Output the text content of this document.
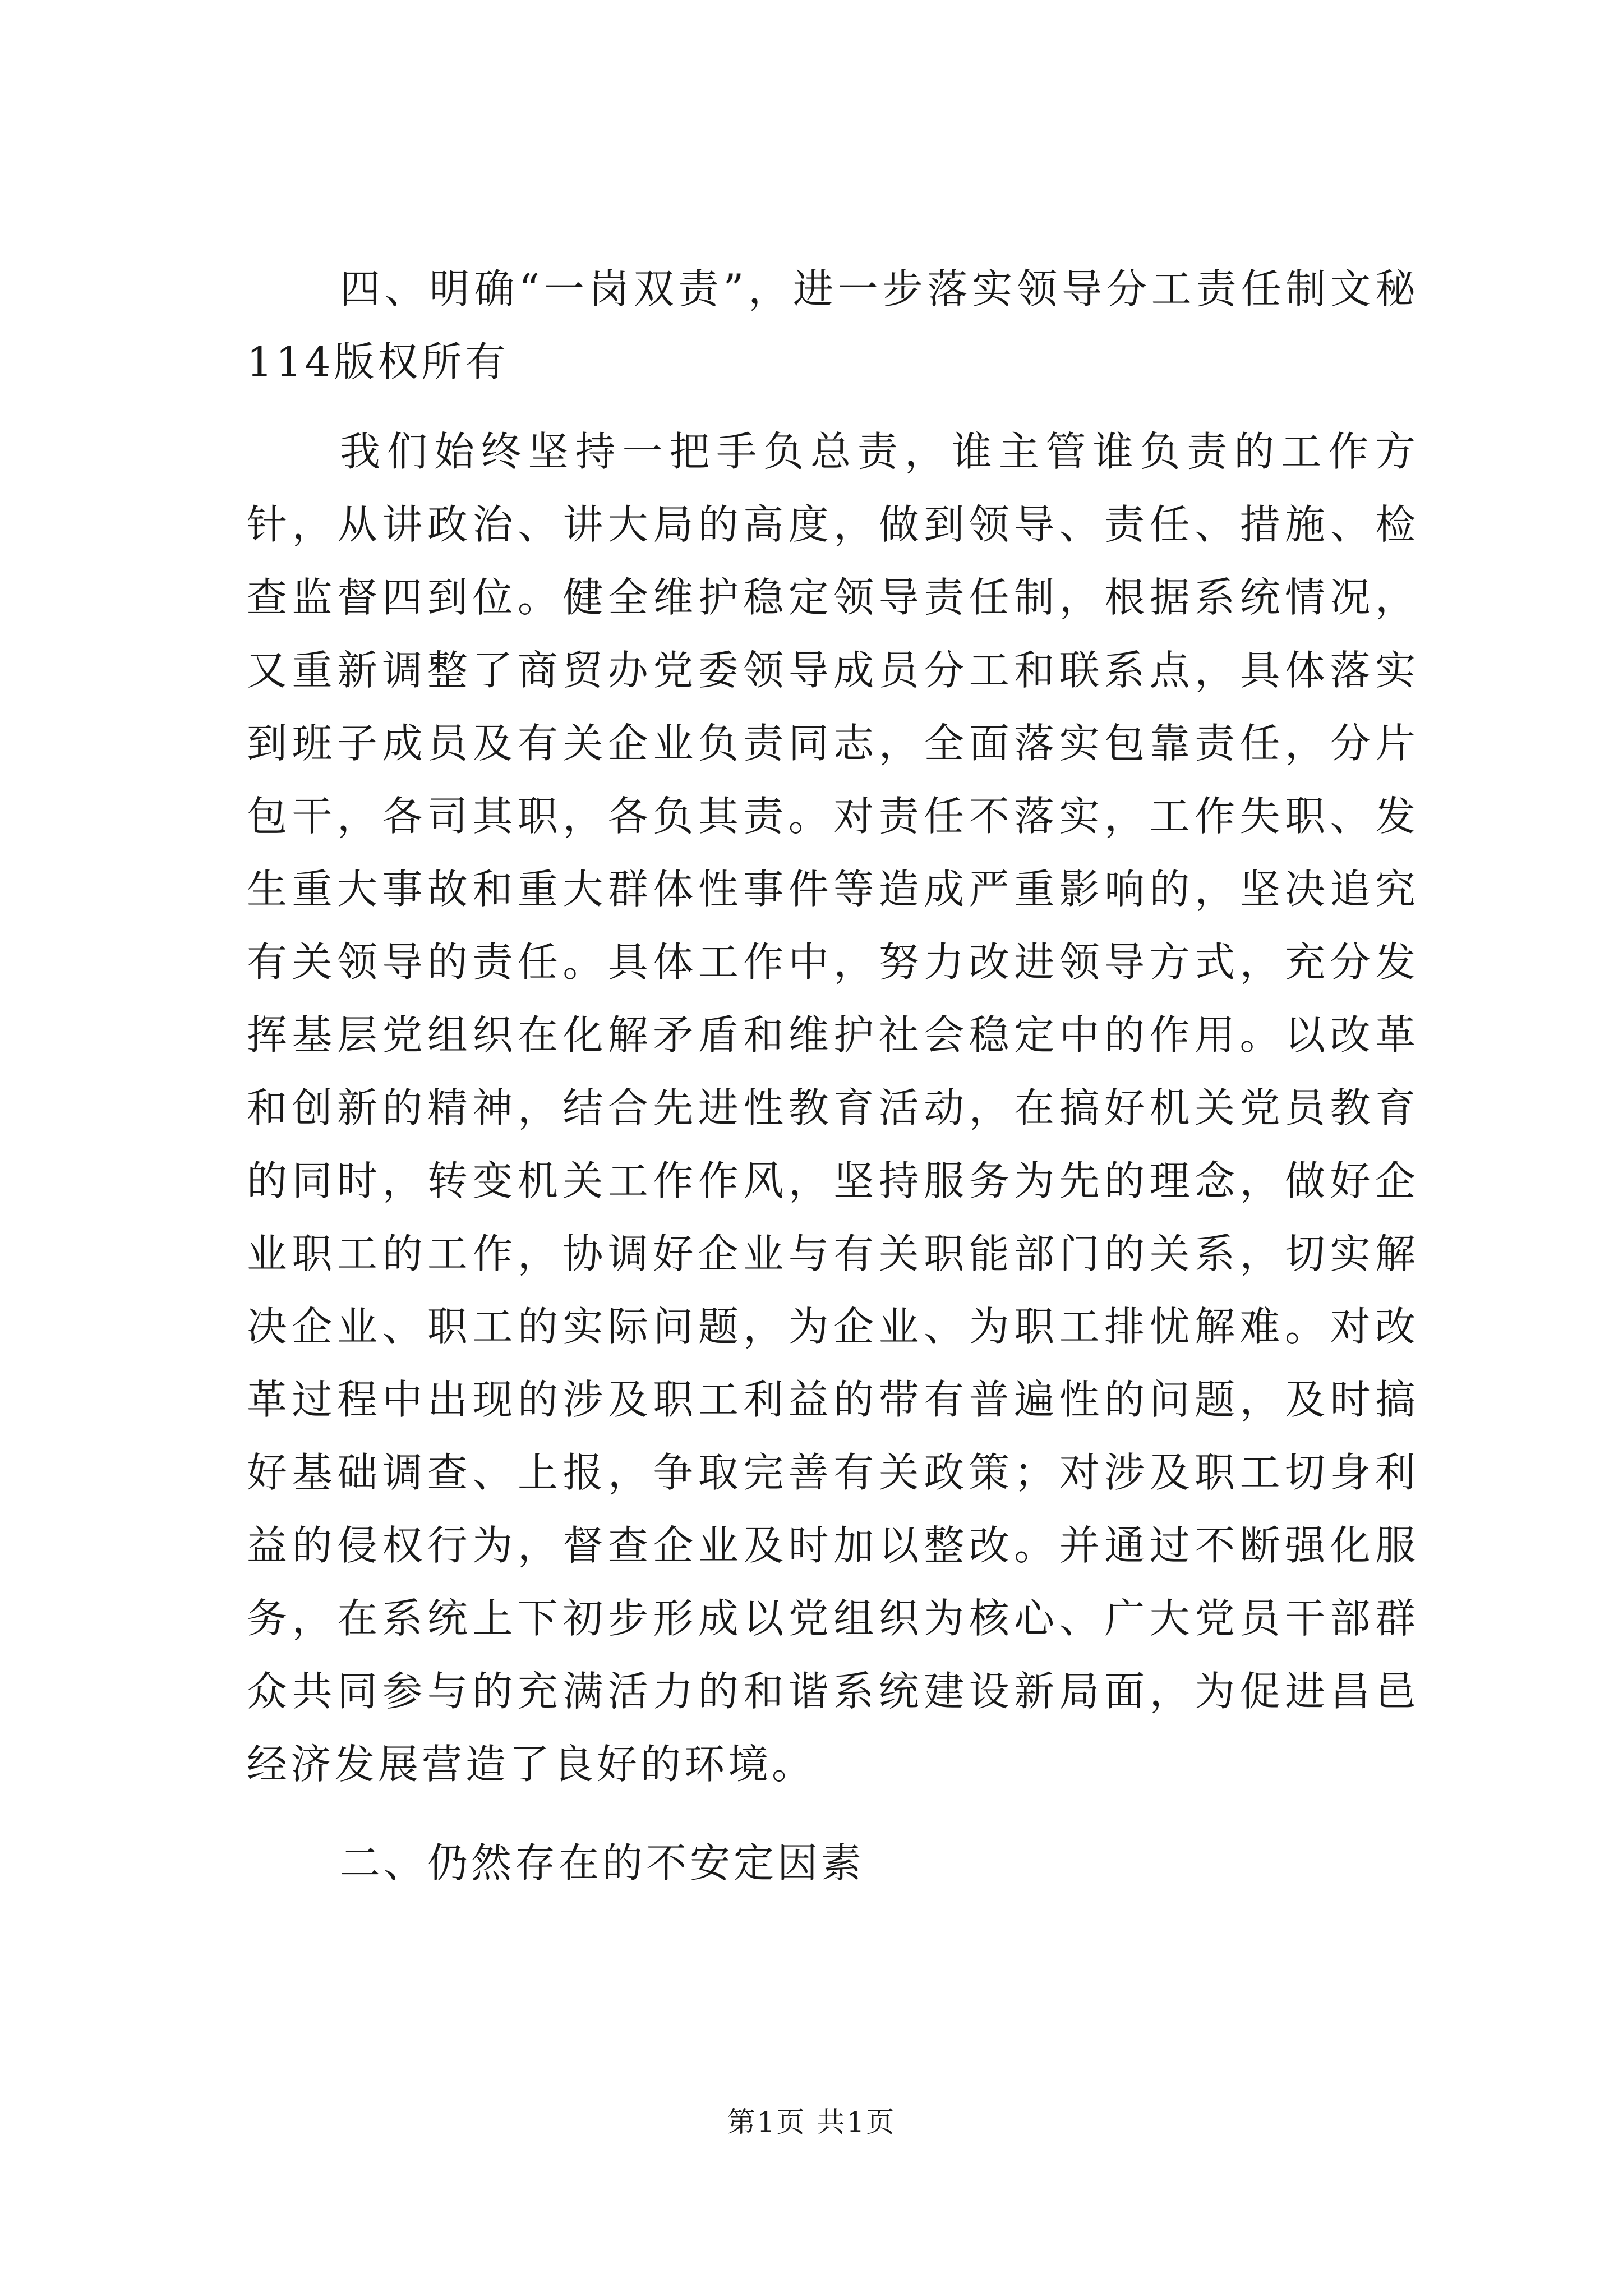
四、明确“一岗双责”，进一步落实领导分工责任制文秘114版权所有

我们始终坚持一把手负总责，谁主管谁负责的工作方针，从讲政治、讲大局的高度，做到领导、责任、措施、检查监督四到位。健全维护稳定领导责任制，根据系统情况，又重新调整了商贸办党委领导成员分工和联系点，具体落实到班子成员及有关企业负责同志，全面落实包靠责任，分片包干，各司其职，各负其责。对责任不落实，工作失职、发生重大事故和重大群体性事件等造成严重影响的，坚决追究有关领导的责任。具体工作中，努力改进领导方式，充分发挥基层党组织在化解矛盾和维护社会稳定中的作用。以改革和创新的精神，结合先进性教育活动，在搞好机关党员教育的同时，转变机关工作作风，坚持服务为先的理念，做好企业职工的工作，协调好企业与有关职能部门的关系，切实解决企业、职工的实际问题，为企业、为职工排忧解难。对改革过程中出现的涉及职工利益的带有普遍性的问题，及时搞好基础调查、上报，争取完善有关政策；对涉及职工切身利益的侵权行为，督查企业及时加以整改。并通过不断强化服务，在系统上下初步形成以党组织为核心、广大党员干部群众共同参与的充满活力的和谐系统建设新局面，为促进昌邑经济发展营造了良好的环境。

二、仍然存在的不安定因素

第1页 共1页
